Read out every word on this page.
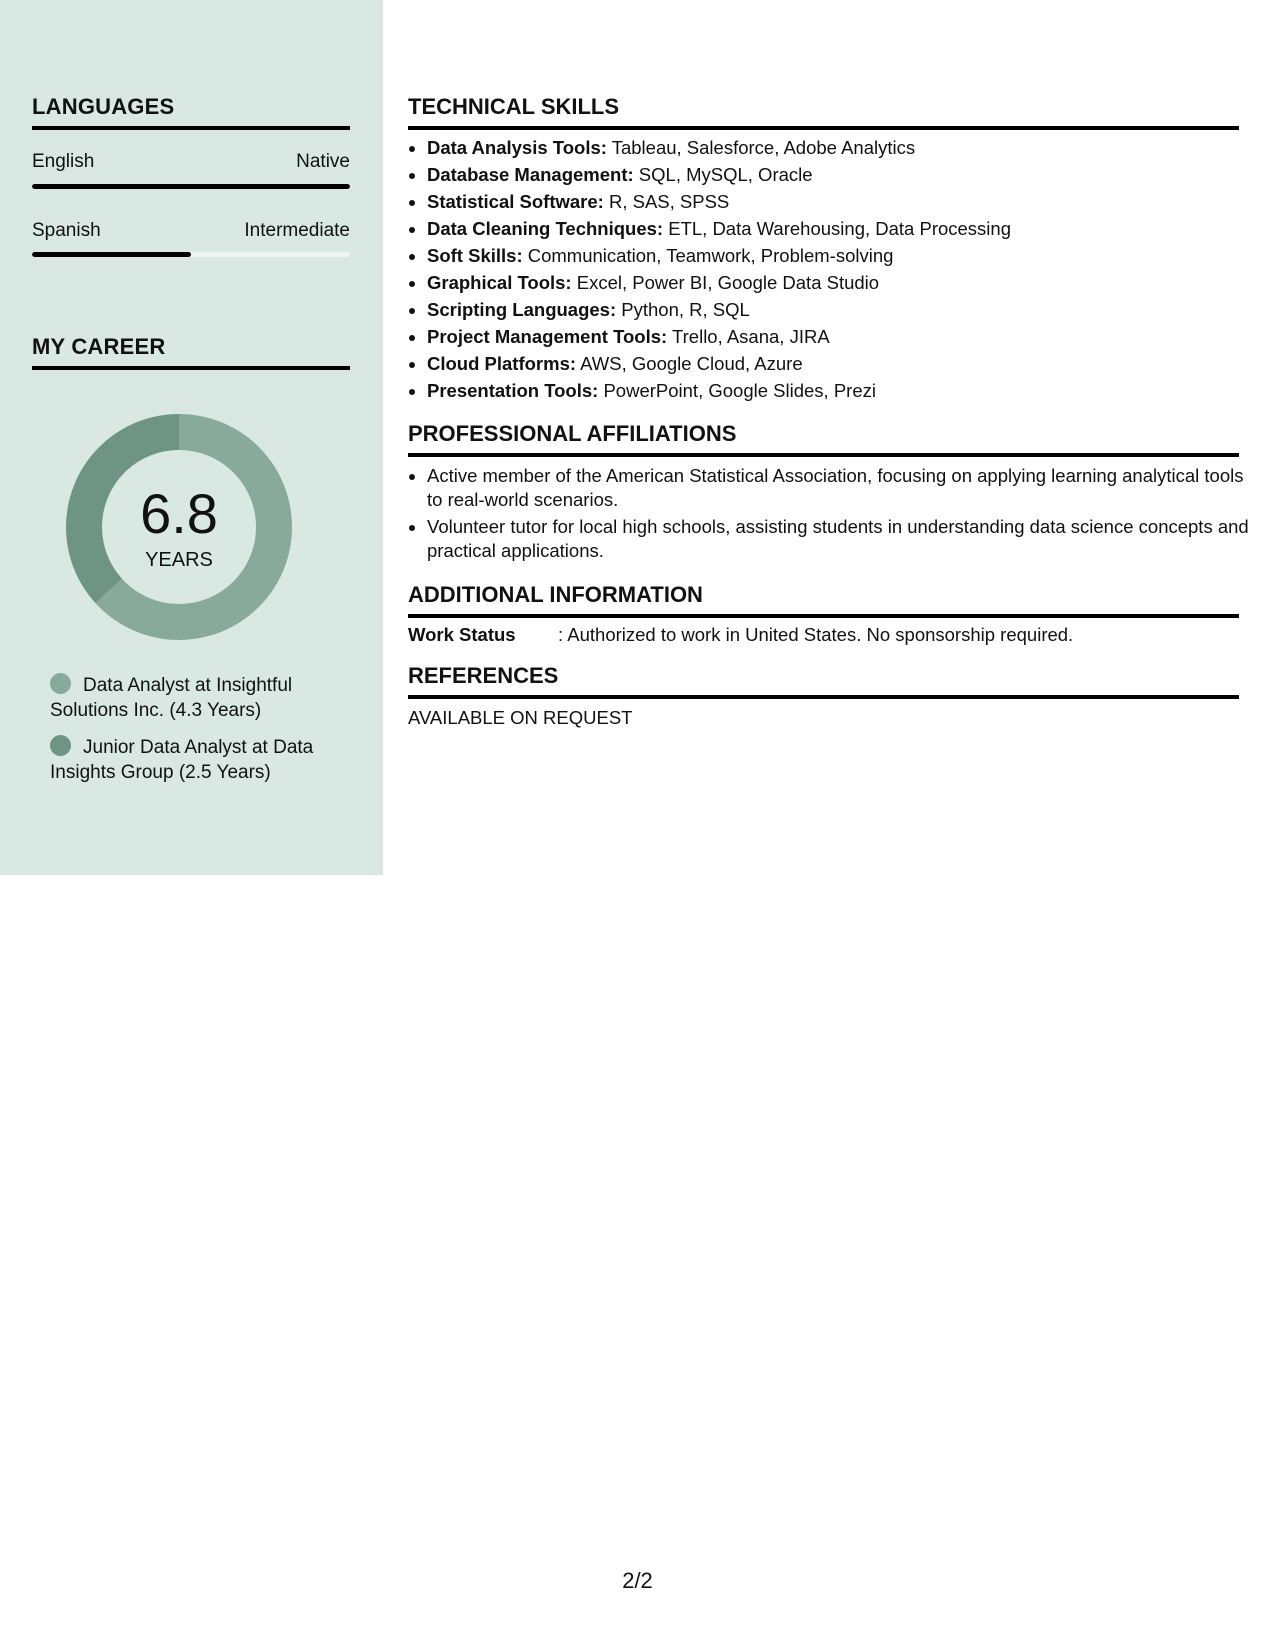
LANGUAGES
English	Native
Spanish	Intermediate
MY CAREER
6.8
YEARS
Data Analyst at Insightful Solutions Inc. (4.3 Years)
Junior Data Analyst at Data Insights Group (2.5 Years)
TECHNICAL SKILLS
• Data Analysis Tools: Tableau, Salesforce, Adobe Analytics
• Database Management: SQL, MySQL, Oracle
• Statistical Software: R, SAS, SPSS
• Data Cleaning Techniques: ETL, Data Warehousing, Data Processing
• Soft Skills: Communication, Teamwork, Problem-solving
• Graphical Tools: Excel, Power BI, Google Data Studio
• Scripting Languages: Python, R, SQL
• Project Management Tools: Trello, Asana, JIRA
• Cloud Platforms: AWS, Google Cloud, Azure
• Presentation Tools: PowerPoint, Google Slides, Prezi
PROFESSIONAL AFFILIATIONS
• Active member of the American Statistical Association, focusing on applying learning analytical tools to real-world scenarios.
• Volunteer tutor for local high schools, assisting students in understanding data science concepts and practical applications.
ADDITIONAL INFORMATION
Work Status : Authorized to work in United States. No sponsorship required.
REFERENCES
AVAILABLE ON REQUEST
2/2
